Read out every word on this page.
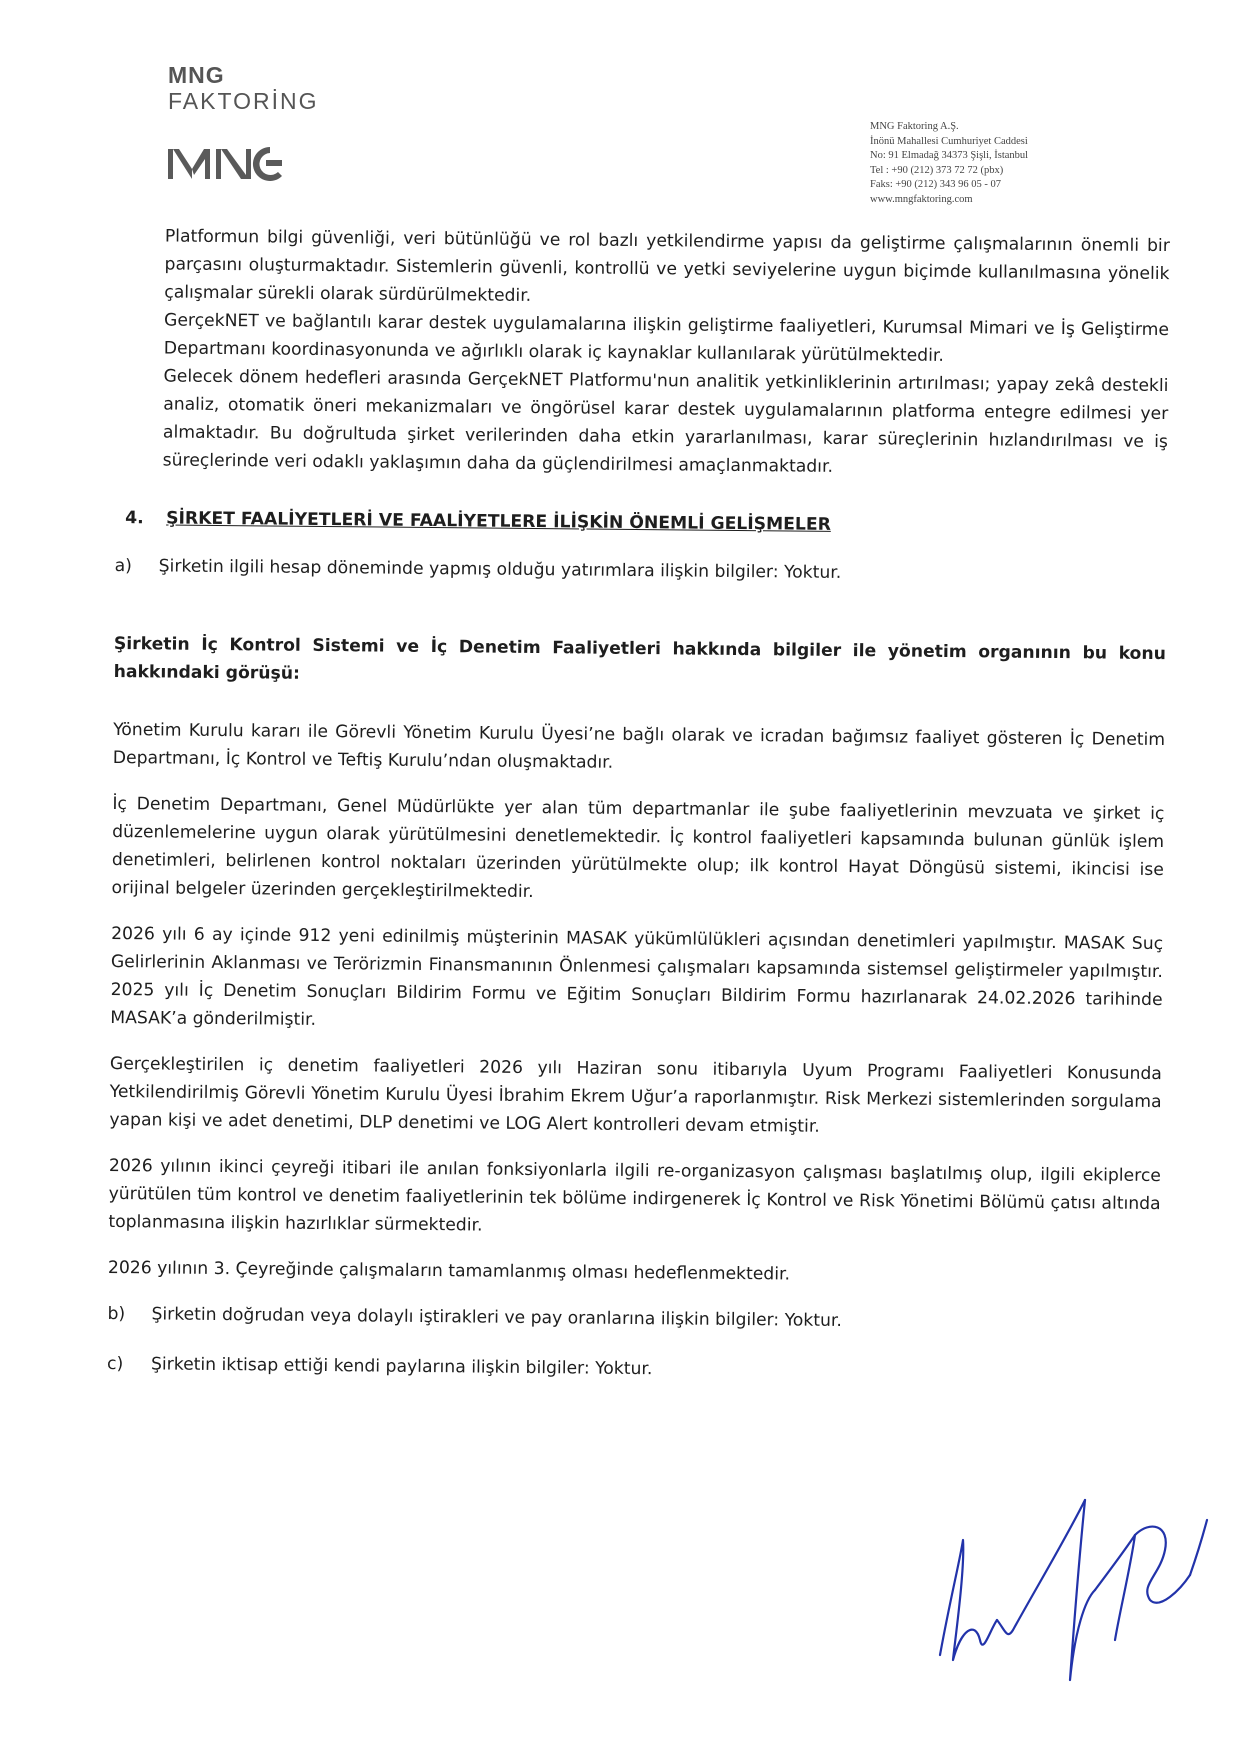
MNG
FAKTORİNG
MNG Faktoring A.Ş.
İnönü Mahallesi Cumhuriyet Caddesi
No: 91 Elmadağ 34373 Şişli, İstanbul
Tel : +90 (212) 373 72 72 (pbx)
Faks: +90 (212) 343 96 05 - 07
www.mngfaktoring.com

Platformun bilgi güvenliği, veri bütünlüğü ve rol bazlı yetkilendirme yapısı da geliştirme çalışmalarının önemli bir parçasını oluşturmaktadır. Sistemlerin güvenli, kontrollü ve yetki seviyelerine uygun biçimde kullanılmasına yönelik çalışmalar sürekli olarak sürdürülmektedir.

GerçekNET ve bağlantılı karar destek uygulamalarına ilişkin geliştirme faaliyetleri, Kurumsal Mimari ve İş Geliştirme Departmanı koordinasyonunda ve ağırlıklı olarak iç kaynaklar kullanılarak yürütülmektedir.

Gelecek dönem hedefleri arasında GerçekNET Platformu'nun analitik yetkinliklerinin artırılması; yapay zekâ destekli analiz, otomatik öneri mekanizmaları ve öngörüsel karar destek uygulamalarının platforma entegre edilmesi yer almaktadır. Bu doğrultuda şirket verilerinden daha etkin yararlanılması, karar süreçlerinin hızlandırılması ve iş süreçlerinde veri odaklı yaklaşımın daha da güçlendirilmesi amaçlanmaktadır.

4. ŞİRKET FAALİYETLERİ VE FAALİYETLERE İLİŞKİN ÖNEMLİ GELİŞMELER

a)	Şirketin ilgili hesap döneminde yapmış olduğu yatırımlara ilişkin bilgiler: Yoktur.

Şirketin İç Kontrol Sistemi ve İç Denetim Faaliyetleri hakkında bilgiler ile yönetim organının bu konu hakkındaki görüşü:

Yönetim Kurulu kararı ile Görevli Yönetim Kurulu Üyesi’ne bağlı olarak ve icradan bağımsız faaliyet gösteren İç Denetim Departmanı, İç Kontrol ve Teftiş Kurulu’ndan oluşmaktadır.

İç Denetim Departmanı, Genel Müdürlükte yer alan tüm departmanlar ile şube faaliyetlerinin mevzuata ve şirket iç düzenlemelerine uygun olarak yürütülmesini denetlemektedir. İç kontrol faaliyetleri kapsamında bulunan günlük işlem denetimleri, belirlenen kontrol noktaları üzerinden yürütülmekte olup; ilk kontrol Hayat Döngüsü sistemi, ikincisi ise orijinal belgeler üzerinden gerçekleştirilmektedir.

2026 yılı 6 ay içinde 912 yeni edinilmiş müşterinin MASAK yükümlülükleri açısından denetimleri yapılmıştır. MASAK Suç Gelirlerinin Aklanması ve Terörizmin Finansmanının Önlenmesi çalışmaları kapsamında sistemsel geliştirmeler yapılmıştır. 2025 yılı İç Denetim Sonuçları Bildirim Formu ve Eğitim Sonuçları Bildirim Formu hazırlanarak 24.02.2026 tarihinde MASAK’a gönderilmiştir.

Gerçekleştirilen iç denetim faaliyetleri 2026 yılı Haziran sonu itibarıyla Uyum Programı Faaliyetleri Konusunda Yetkilendirilmiş Görevli Yönetim Kurulu Üyesi İbrahim Ekrem Uğur’a raporlanmıştır. Risk Merkezi sistemlerinden sorgulama yapan kişi ve adet denetimi, DLP denetimi ve LOG Alert kontrolleri devam etmiştir.

2026 yılının ikinci çeyreği itibari ile anılan fonksiyonlarla ilgili re-organizasyon çalışması başlatılmış olup, ilgili ekiplerce yürütülen tüm kontrol ve denetim faaliyetlerinin tek bölüme indirgenerek İç Kontrol ve Risk Yönetimi Bölümü çatısı altında toplanmasına ilişkin hazırlıklar sürmektedir.

2026 yılının 3. Çeyreğinde çalışmaların tamamlanmış olması hedeflenmektedir.

b)	Şirketin doğrudan veya dolaylı iştirakleri ve pay oranlarına ilişkin bilgiler: Yoktur.
c)	Şirketin iktisap ettiği kendi paylarına ilişkin bilgiler: Yoktur.
